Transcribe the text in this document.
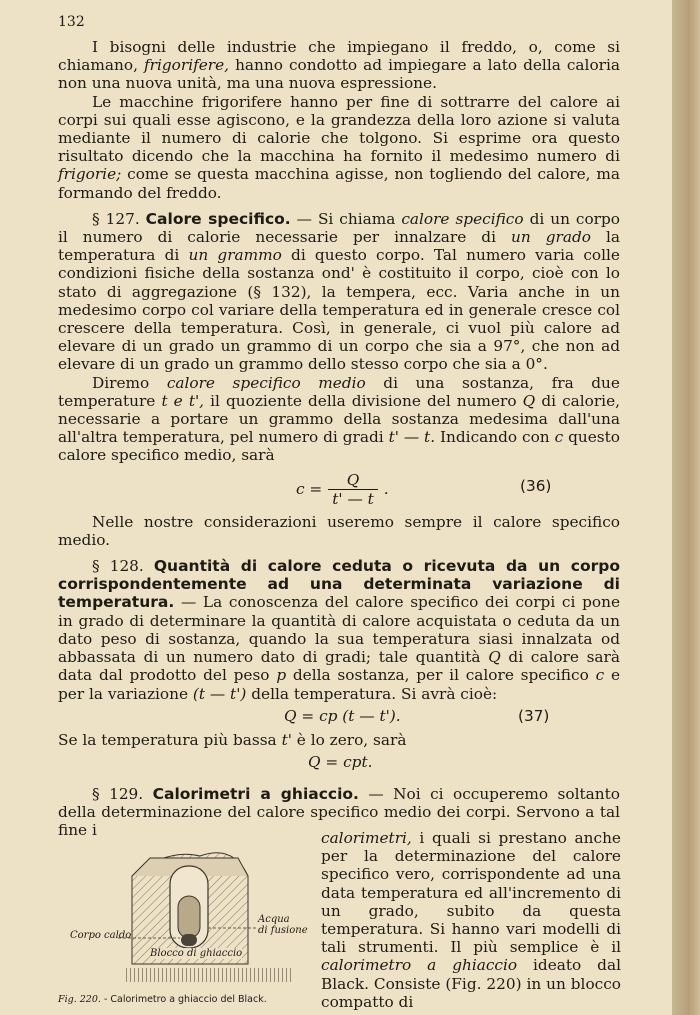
132

I bisogni delle industrie che impiegano il freddo, o, come si chiamano, frigorifere, hanno condotto ad impiegare a lato della caloria non una nuova unità, ma una nuova espressione.

Le macchine frigorifere hanno per fine di sottrarre del calore ai corpi sui quali esse agiscono, e la grandezza della loro azione si valuta mediante il numero di calorie che tolgono. Si esprime ora questo risultato dicendo che la macchina ha fornito il medesimo numero di frigorie; come se questa macchina agisse, non togliendo del calore, ma formando del freddo.

§ 127. Calore specifico. — Si chiama calore specifico di un corpo il numero di calorie necessarie per innalzare di un grado la temperatura di un grammo di questo corpo. Tal numero varia colle condizioni fisiche della sostanza ond' è costituito il corpo, cioè con lo stato di aggregazione (§ 132), la tempera, ecc. Varia anche in un medesimo corpo col variare della temperatura ed in generale cresce col crescere della temperatura. Così, in generale, ci vuol più calore ad elevare di un grado un grammo di un corpo che sia a 97°, che non ad elevare di un grado un grammo dello stesso corpo che sia a 0°.

Diremo calore specifico medio di una sostanza, fra due temperature t e t', il quoziente della divisione del numero Q di calorie, necessarie a portare un grammo della sostanza medesima dall'una all'altra temperatura, pel numero di gradi t' — t. Indicando con c questo calore specifico medio, sarà

$c = \frac{Q}{t' — t}$ .	(36)

Nelle nostre considerazioni useremo sempre il calore specifico medio.

§ 128. Quantità di calore ceduta o ricevuta da un corpo corrispondentemente ad una determinata variazione di temperatura. — La conoscenza del calore specifico dei corpi ci pone in grado di determinare la quantità di calore acquistata o ceduta da un dato peso di sostanza, quando la sua temperatura siasi innalzata od abbassata di un numero dato di gradi; tale quantità Q di calore sarà data dal prodotto del peso p della sostanza, per il calore specifico c e per la variazione (t — t') della temperatura. Si avrà cioè:

Q = cp (t — t').	(37)

Se la temperatura più bassa t' è lo zero, sarà

Q = cpt.

§ 129. Calorimetri a ghiaccio. — Noi ci occuperemo soltanto della determinazione del calore specifico medio dei corpi. Servono a tal fine i	calorimetri, i quali si prestano anche per la determinazione del calore specifico vero, corrispondente ad una data temperatura ed all'incremento di un grado, subito da questa temperatura. Si hanno vari modelli di tali strumenti. Il più semplice è il calorimetro a ghiaccio ideato dal Black. Consiste (Fig. 220) in un blocco compatto di
Acqua
di fusione
Corpo caldo
Blocco di ghiaccio
Fig. 220. - Calorimetro a ghiaccio del Black.
